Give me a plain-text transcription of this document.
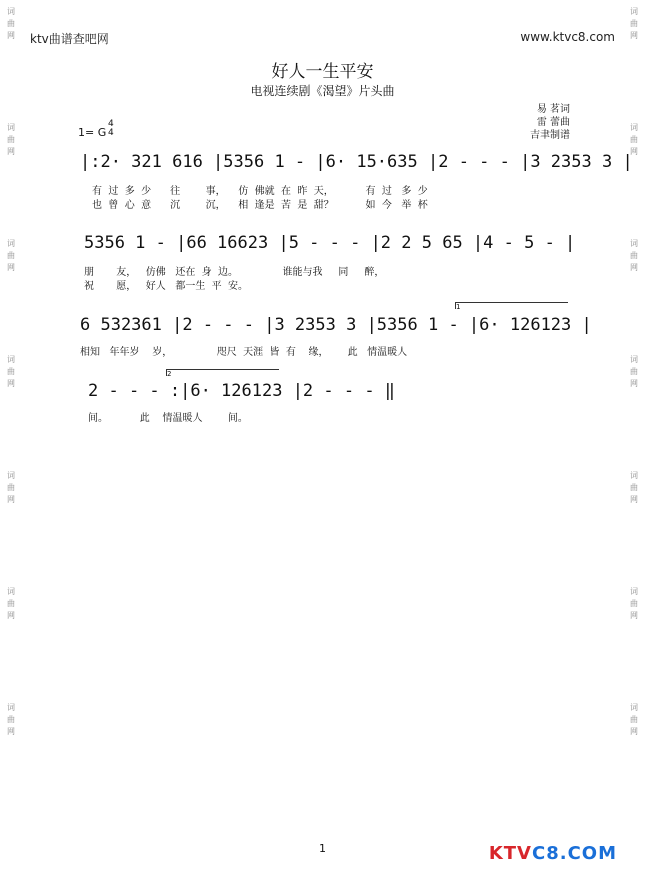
词
曲
网
词
曲
网
词
曲
网
词
曲
网
词
曲
网
词
曲
网
词
曲
网
词
曲
网
词
曲
网
词
曲
网
词
曲
网
词
曲
网
词
曲
网
词
曲
网
ktv曲谱查吧网	www.ktvc8.com
好人一生平安
电视连续剧《渴望》片头曲
易 茗词
雷 蕾曲
吉聿制谱
1= G
4
4
|:2· 321 616 |5356 1 - |6· 15·635 |2 - - - |3 2353 3 |
有  过  多  少      往        事，    仿  佛就  在  昨  天，          有  过   多  少
也  曾  心  意      沉        沉，    相  逢是  苦  是  甜？          如  今   举  杯
5356 1 - |66 16623 |5 - - - |2 2 5 65 |4 - 5 - |
朋       友，   仿佛   还在  身  边。              谁能与我     同     醉，
祝       愿，   好人   都一生  平  安。
1
6 532361 |2 - - - |3 2353 3 |5356 1 - |6· 126123 |
相知   年年岁    岁，              咫尺  天涯  皆  有    缘，      此   情温暖人
2
2 - - - :|6· 126123 |2 - - - ‖
间。          此    情温暖人        间。
1	KTVC8.COM
